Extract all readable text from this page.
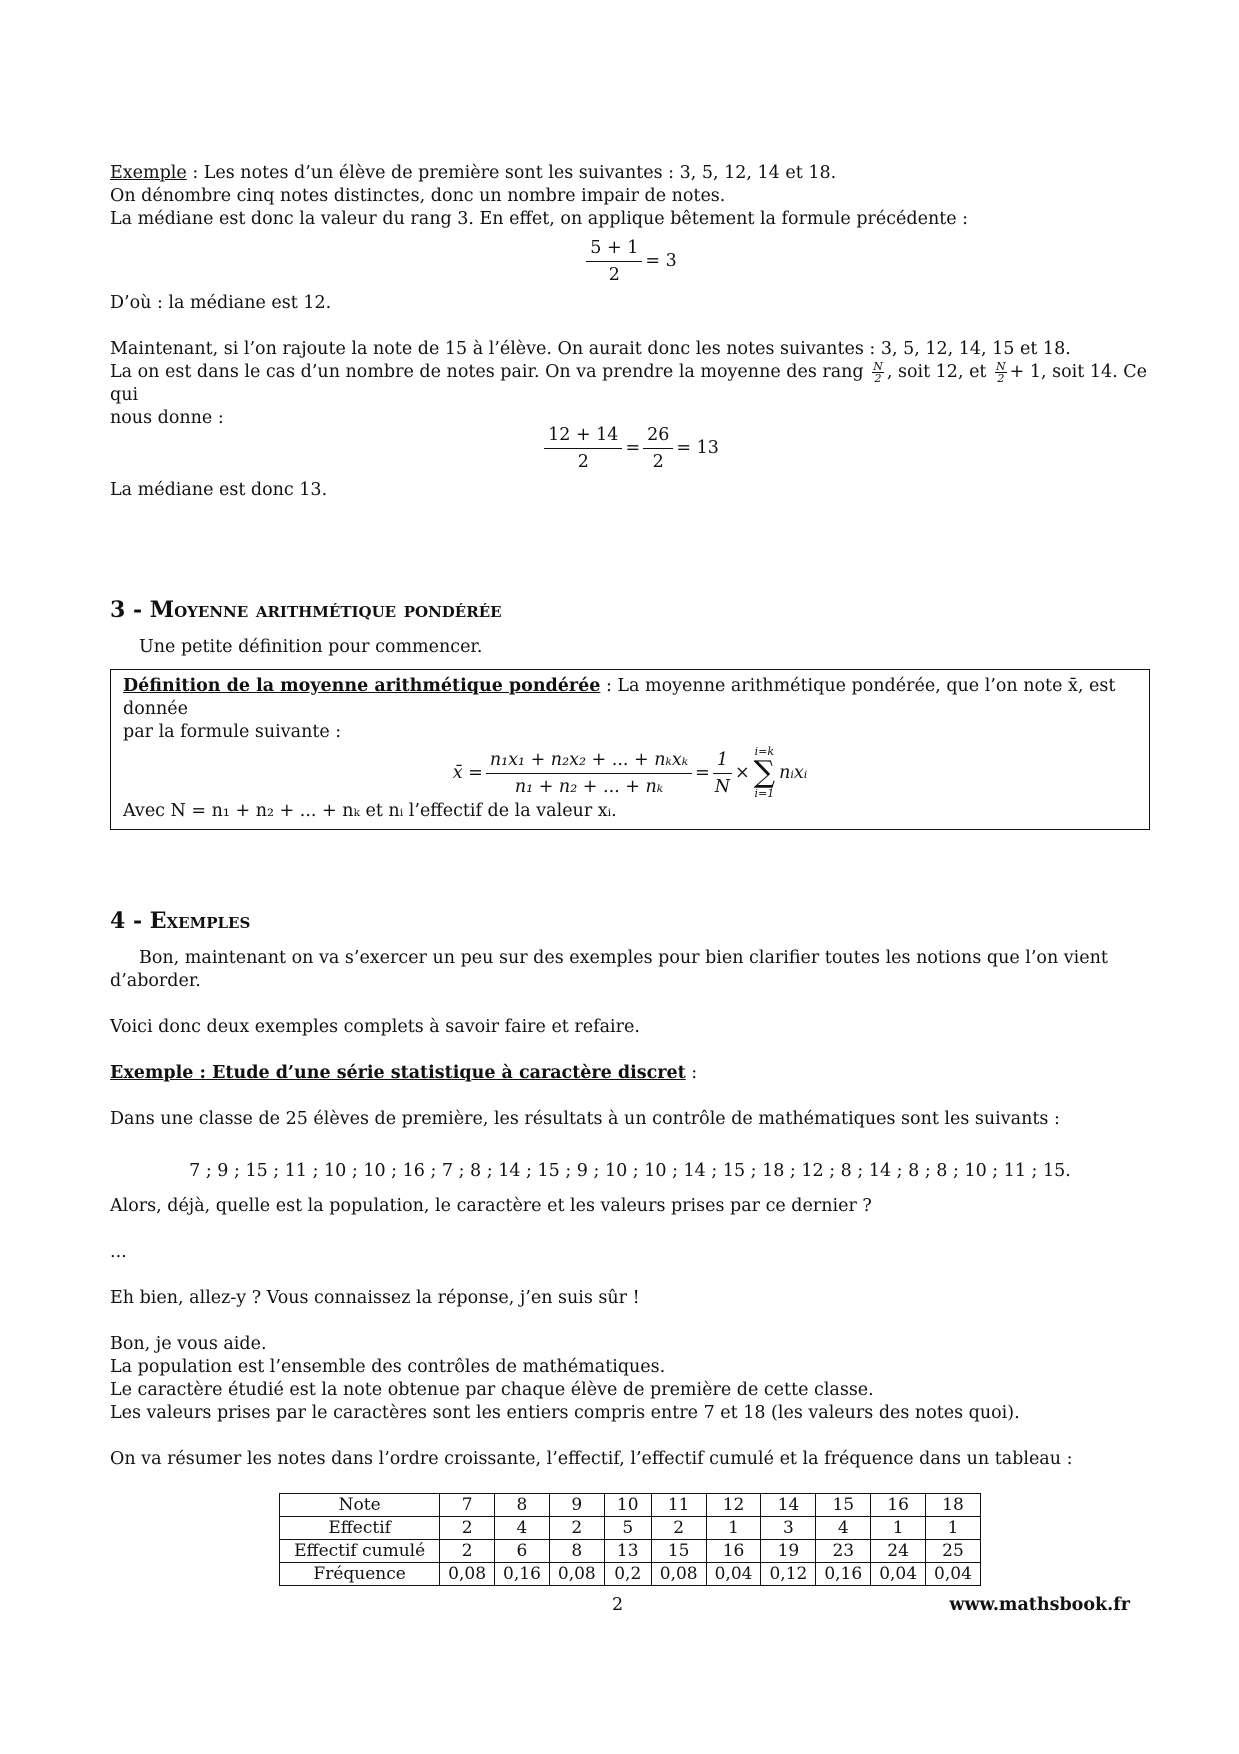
Exemple : Les notes d’un élève de première sont les suivantes : 3, 5, 12, 14 et 18.

On dénombre cinq notes distinctes, donc un nombre impair de notes.

La médiane est donc la valeur du rang 3. En effet, on applique bêtement la formule précédente :

$\frac{5 + 1}{2} = 3$

D’où : la médiane est 12.

Maintenant, si l’on rajoute la note de 15 à l’élève. On aurait donc les notes suivantes : 3, 5, 12, 14, 15 et 18.

La on est dans le cas d’un nombre de notes pair. On va prendre la moyenne des rang $\frac{N}{2}$ , soit 12, et $\frac{N}{2} + 1$, soit 14. Ce qui

nous donne :

$\frac{12 + 14}{2} = \frac{26}{2} = 13$

La médiane est donc 13.

3 - Moyenne arithmétique pondérée

Une petite définition pour commencer.

Définition de la moyenne arithmétique pondérée : La moyenne arithmétique pondérée, que l’on note x̄, est donnée

par la formule suivante :

x̄ = $\frac{\text{n₁x₁ + n₂x₂ + ... + nₖxₖ}}{\text{n₁ + n₂ + ... + nₖ}} = \frac{1}{N}$ ×
i=k
∑
i=1
nᵢxᵢ

Avec N = n₁ + n₂ + ... + nₖ et nᵢ l’effectif de la valeur xᵢ.

4 - Exemples

Bon, maintenant on va s’exercer un peu sur des exemples pour bien clarifier toutes les notions que l’on vient d’aborder.

Voici donc deux exemples complets à savoir faire et refaire.

Exemple : Etude d’une série statistique à caractère discret :

Dans une classe de 25 élèves de première, les résultats à un contrôle de mathématiques sont les suivants :

7 ; 9 ; 15 ; 11 ; 10 ; 10 ; 16 ; 7 ; 8 ; 14 ; 15 ; 9 ; 10 ; 10 ; 14 ; 15 ; 18 ; 12 ; 8 ; 14 ; 8 ; 8 ; 10 ; 11 ; 15.

Alors, déjà, quelle est la population, le caractère et les valeurs prises par ce dernier ?

...

Eh bien, allez-y ? Vous connaissez la réponse, j’en suis sûr !

Bon, je vous aide.

La population est l’ensemble des contrôles de mathématiques.

Le caractère étudié est la note obtenue par chaque élève de première de cette classe.

Les valeurs prises par le caractères sont les entiers compris entre 7 et 18 (les valeurs des notes quoi).

On va résumer les notes dans l’ordre croissante, l’effectif, l’effectif cumulé et la fréquence dans un tableau :

Note	7	8	9	10	11	12	14	15	16	18
Effectif	2	4	2	5	2	1	3	4	1	1
Effectif cumulé	2	6	8	13	15	16	19	23	24	25
Fréquence	0,08	0,16	0,08	0,2	0,08	0,04	0,12	0,16	0,04	0,04
2	www.mathsbook.fr
